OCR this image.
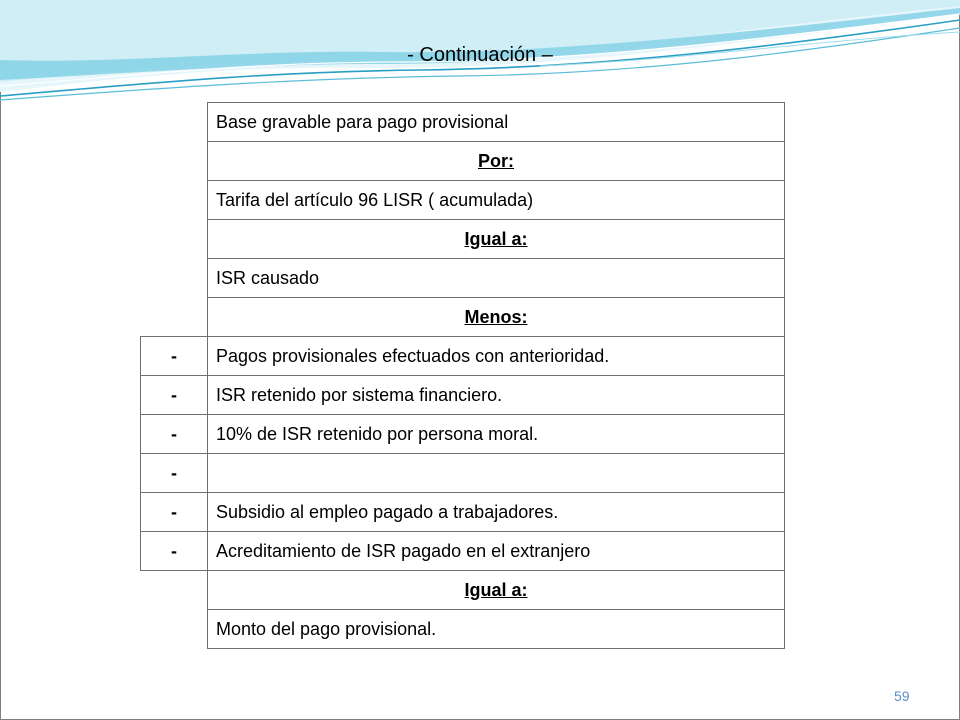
- Continuación –
	Base gravable para pago provisional
	Por:
	Tarifa del artículo 96 LISR ( acumulada)
	Igual a:
	ISR causado
	Menos:
-	Pagos provisionales efectuados con anterioridad.
-	ISR retenido por sistema financiero.
-	10% de ISR retenido por persona moral.
-	
-	Subsidio al empleo pagado a trabajadores.
-	Acreditamiento de ISR pagado en el extranjero
	Igual a:
	Monto del pago provisional.
59
